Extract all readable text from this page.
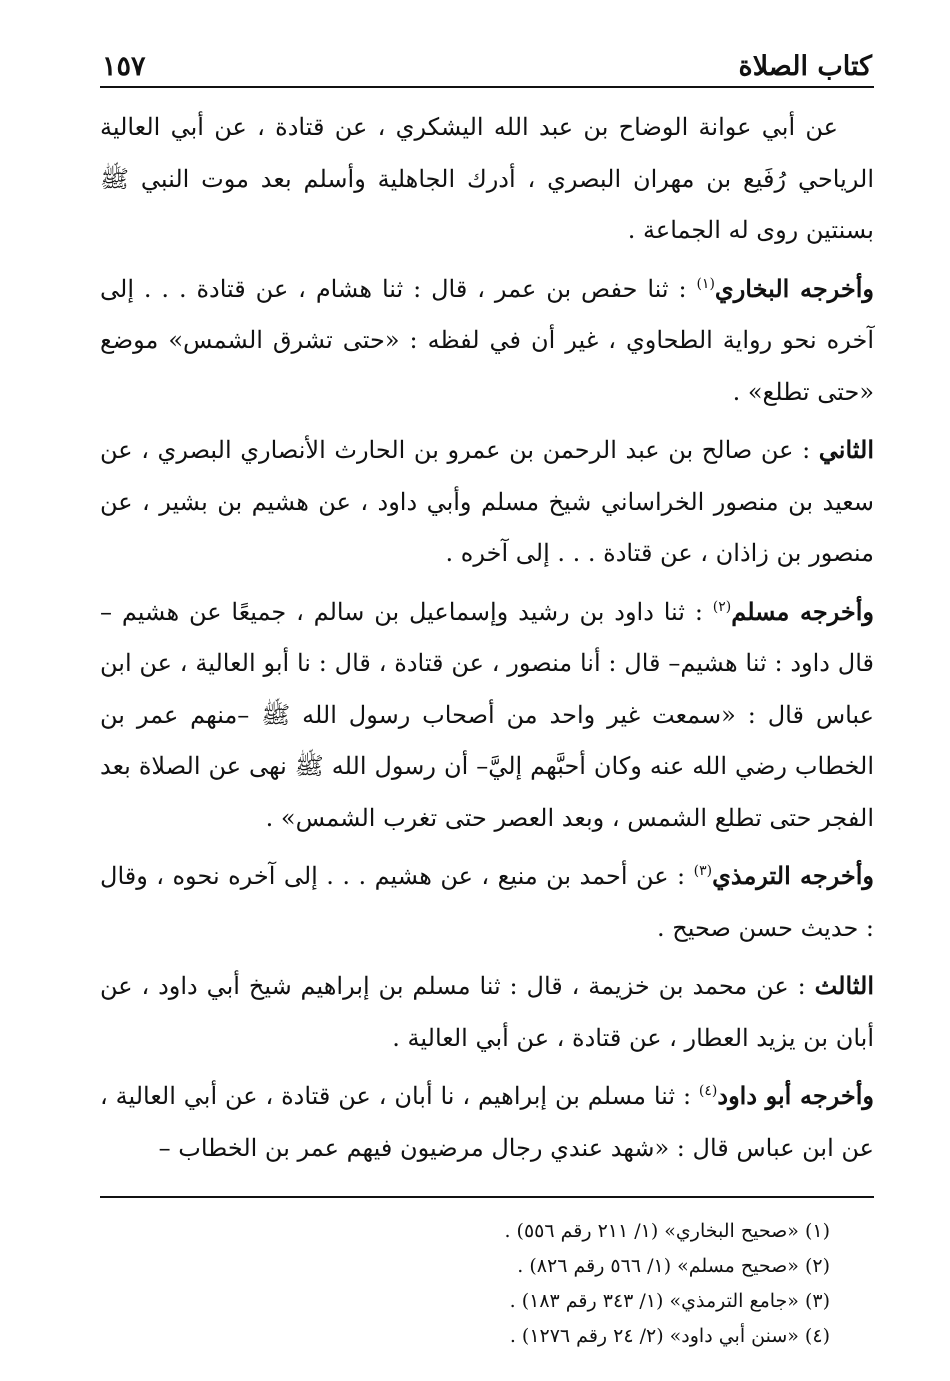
كتاب الصلاة
١٥٧

عن أبي عوانة الوضاح بن عبد الله اليشكري ، عن قتادة ، عن أبي العالية الرياحي رُفَيع بن مهران البصري ، أدرك الجاهلية وأسلم بعد موت النبي ﷺ بسنتين روى له الجماعة .

وأخرجه البخاري$^{(١)}$ : ثنا حفص بن عمر ، قال : ثنا هشام ، عن قتادة . . . إلى آخره نحو رواية الطحاوي ، غير أن في لفظه : «حتى تشرق الشمس» موضع «حتى تطلع» .

الثاني : عن صالح بن عبد الرحمن بن عمرو بن الحارث الأنصاري البصري ، عن سعيد بن منصور الخراساني شيخ مسلم وأبي داود ، عن هشيم بن بشير ، عن منصور بن زاذان ، عن قتادة . . . إلى آخره .

وأخرجه مسلم$^{(٢)}$ : ثنا داود بن رشيد وإسماعيل بن سالم ، جميعًا عن هشيم –قال داود : ثنا هشيم– قال : أنا منصور ، عن قتادة ، قال : نا أبو العالية ، عن ابن عباس قال : «سمعت غير واحد من أصحاب رسول الله ﷺ –منهم عمر بن الخطاب رضي الله عنه وكان أحبَّهم إليَّ– أن رسول الله ﷺ نهى عن الصلاة بعد الفجر حتى تطلع الشمس ، وبعد العصر حتى تغرب الشمس» .

وأخرجه الترمذي$^{(٣)}$ : عن أحمد بن منيع ، عن هشيم . . . إلى آخره نحوه ، وقال : حديث حسن صحيح .

الثالث : عن محمد بن خزيمة ، قال : ثنا مسلم بن إبراهيم شيخ أبي داود ، عن أبان بن يزيد العطار ، عن قتادة ، عن أبي العالية .

وأخرجه أبو داود$^{(٤)}$ : ثنا مسلم بن إبراهيم ، نا أبان ، عن قتادة ، عن أبي العالية ، عن ابن عباس قال : «شهد عندي رجال مرضيون فيهم عمر بن الخطاب –

(١) «صحيح البخاري» (١/ ٢١١ رقم ٥٥٦) .
(٢) «صحيح مسلم» (١/ ٥٦٦ رقم ٨٢٦) .
(٣) «جامع الترمذي» (١/ ٣٤٣ رقم ١٨٣) .
(٤) «سنن أبي داود» (٢/ ٢٤ رقم ١٢٧٦) .
